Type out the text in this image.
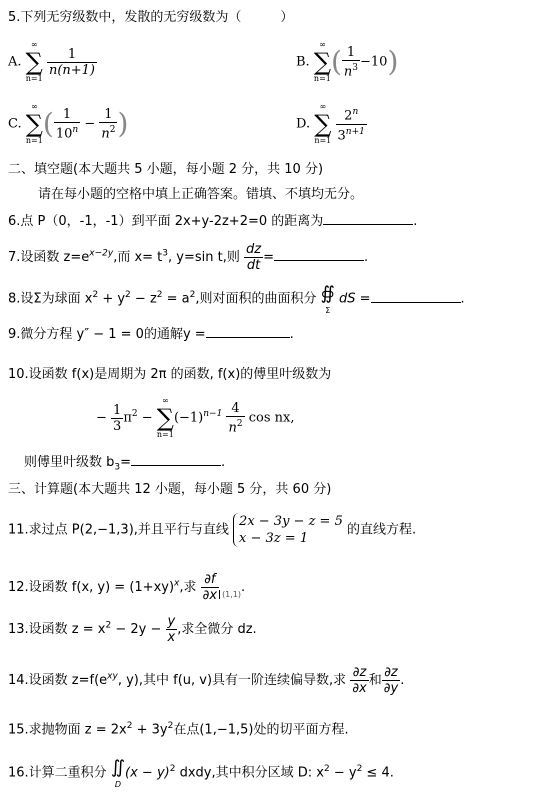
5.下列无穷级数中，发散的无穷级数为（　　　）
A.
∞
∑
n=1

$\frac{1}{n(n+1)}$	B.
∞
∑
n=1
( $\frac{1}{n^3} -10$)
C.
∞
∑
n=1
( $\frac{1}{10^n} - \frac{1}{n^2}$ )	D.
∞
∑
n=1
$\frac{2^n}{3^{n+1}}$
二、填空题(本大题共 5 小题，每小题 2 分，共 10 分)
请在每小题的空格中填上正确答案。错填、不填均无分。
6.点 P（0，-1，-1）到平面 2x+y-2z+2=0 的距离为	.
7.设函数 $z=e^{x-2y}$,而 $x= t^3$, y=sin t,则 $\frac{dz}{dt}$ =	.
8.设Σ为球面 $x^2 + y^2 - z^2 = a^2$,则对面积的曲面积分 ∯
Σ
dS =	.
9.微分方程 y″ − 1 = 0的通解y =	.
10.设函数 f(x)是周期为 2π 的函数, f(x)的傅里叶级数为
− $\frac{1}{3} \pi^2$ −
∞
∑
n=1
$(-1)^{n-1} \frac{4}{n^2}$ cos nx,
则傅里叶级数 $b_3=$	.
三、计算题(本大题共 12 小题，每小题 5 分，共 60 分)
11.求过点 P(2,−1,3),并且平行与直线
2x − 3y − z = 5
x − 3z = 1
的直线方程.
12.设函数 f(x, $y) = (1+xy)^x$,求 $\frac{\partial f}{\partial x} _{(1,1)}$.
13.设函数 $z = x^2 - 2y - \frac{y}{x}$ ,求全微分 dz.
14.设函数 $z=f(e^{xy}$, y),其中 f(u, v)具有一阶连续偏导数,求 $\frac{\partial z}{\partial x}$ 和 $\frac{\partial z}{\partial y}$ .
15.求抛物面 $z = 2x^2 + 3y^2$在点(1,−1,5)处的切平面方程.
16.计算二重积分 ∬
D
$(x - y)^2$ dxdy,其中积分区域 D: $x^2 - y^2 \le 4$.
